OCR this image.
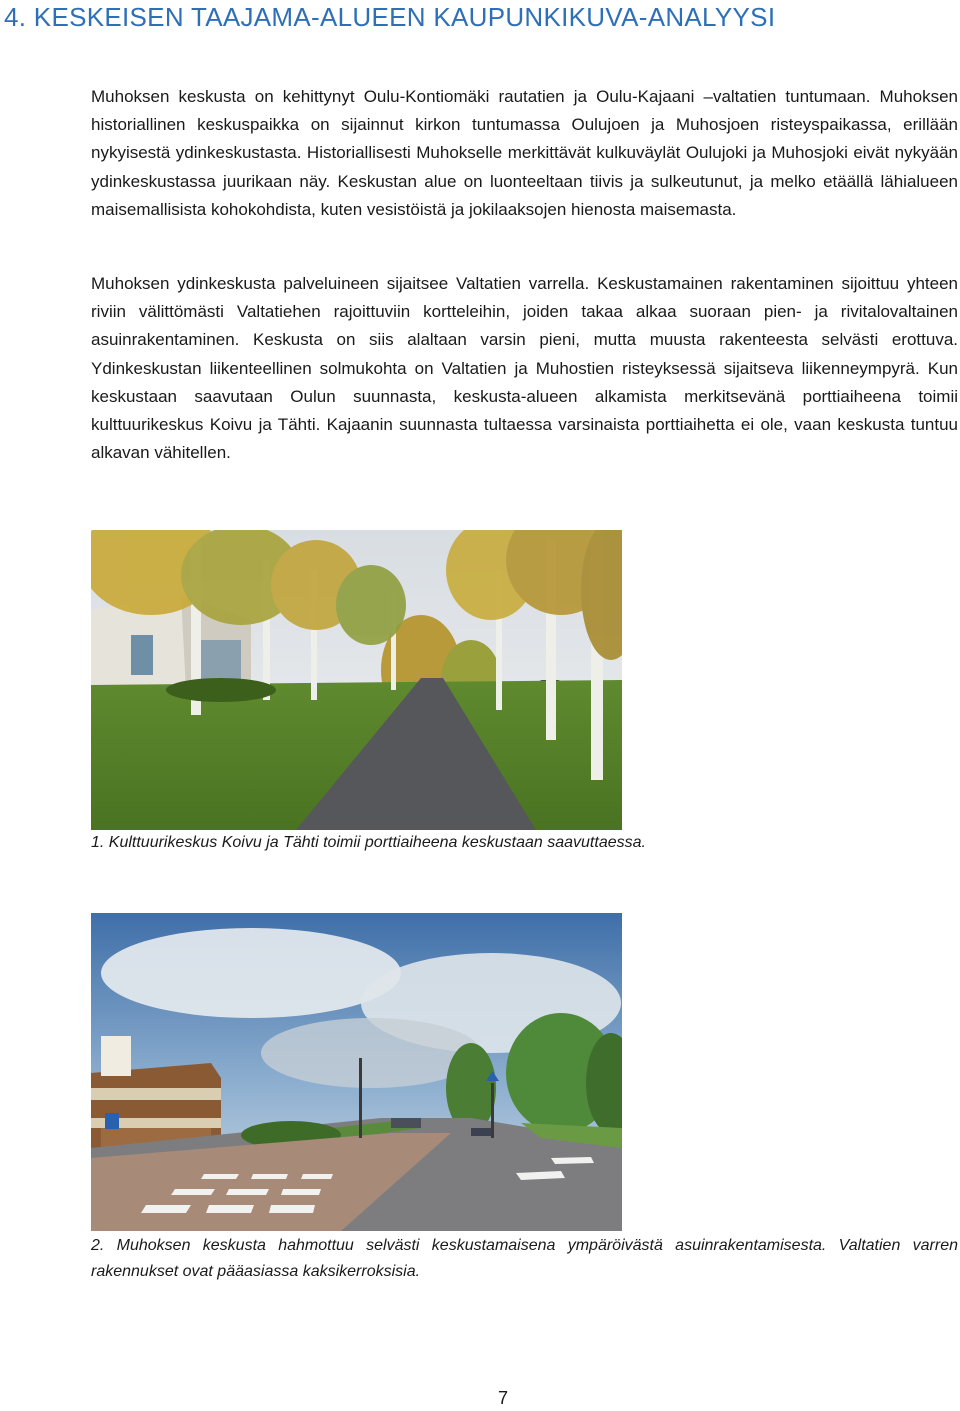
4. KESKEISEN TAAJAMA-ALUEEN KAUPUNKIKUVA-ANALYYSI

Muhoksen keskusta on kehittynyt Oulu-Kontiomäki rautatien ja Oulu-Kajaani –valtatien tuntumaan. Muhoksen historiallinen keskuspaikka on sijainnut kirkon tuntumassa Oulujoen ja Muhosjoen risteyspaikassa, erillään nykyisestä ydinkeskustasta. Historiallisesti Muhokselle merkittävät kulkuväylät Oulujoki ja Muhosjoki eivät nykyään ydinkeskustassa juurikaan näy. Keskustan alue on luonteeltaan tiivis ja sulkeutunut, ja melko etäällä lähialueen maisemallisista kohokohdista, kuten vesistöistä ja jokilaaksojen hienosta maisemasta.

Muhoksen ydinkeskusta palveluineen sijaitsee Valtatien varrella. Keskustamainen rakentaminen sijoittuu yhteen riviin välittömästi Valtatiehen rajoittuviin kortteleihin, joiden takaa alkaa suoraan pien- ja rivitalovaltainen asuinrakentaminen. Keskusta on siis alaltaan varsin pieni, mutta muusta rakenteesta selvästi erottuva. Ydinkeskustan liikenteellinen solmukohta on Valtatien ja Muhostien risteyksessä sijaitseva liikenneympyrä. Kun keskustaan saavutaan Oulun suunnasta, keskusta-alueen alkamista merkitsevänä porttiaiheena toimii kulttuurikeskus Koivu ja Tähti. Kajaanin suunnasta tultaessa varsinaista porttiaihetta ei ole, vaan keskusta tuntuu alkavan vähitellen.

1. Kulttuurikeskus Koivu ja Tähti toimii porttiaiheena keskustaan saavuttaessa.

2. Muhoksen keskusta hahmottuu selvästi keskustamaisena ympäröivästä asuinrakentamisesta. Valtatien varren rakennukset ovat pääasiassa kaksikerroksisia.

7
